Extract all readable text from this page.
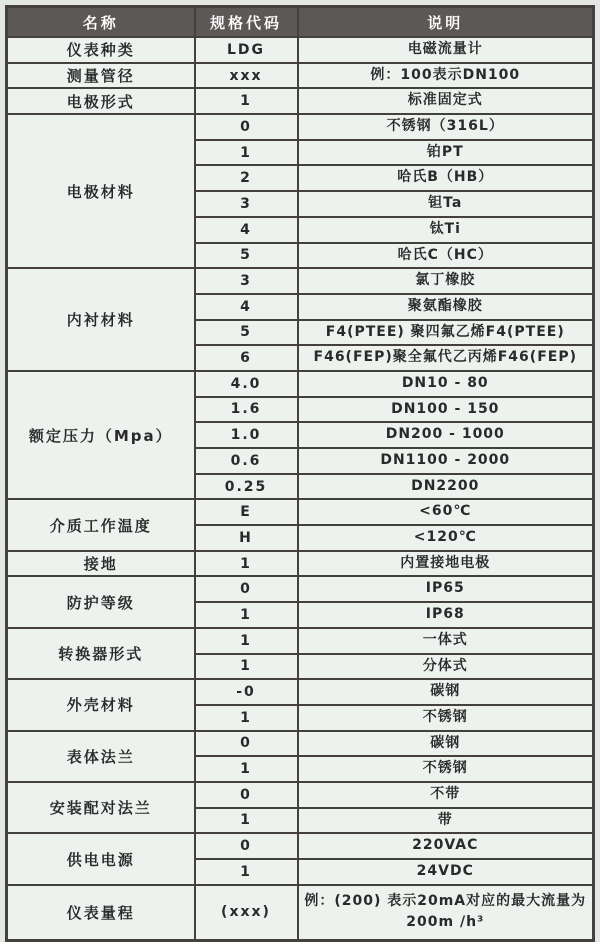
名称	规格代码	说明
仪表种类	LDG	电磁流量计
测量管径	xxx	例：100表示DN100
电极形式	1	标准固定式
电极材料	0	不锈钢（316L）
	1	铂PT
	2	哈氏B（HB）
	3	钽Ta
	4	钛Ti
	5	哈氏C（HC）
内衬材料	3	氯丁橡胶
	4	聚氨酯橡胶
	5	F4(PTEE) 聚四氟乙烯F4(PTEE)
	6	F46(FEP)聚全氟代乙丙烯F46(FEP)
额定压力（Mpa）	4.0	DN10 - 80
	1.6	DN100 - 150
	1.0	DN200 - 1000
	0.6	DN1100 - 2000
	0.25	DN2200
介质工作温度	E	<60℃
	H	<120℃
接地	1	内置接地电极
防护等级	0	IP65
	1	IP68
转换器形式	1	一体式
	1	分体式
外壳材料	-0	碳钢
	1	不锈钢
表体法兰	0	碳钢
	1	不锈钢
安装配对法兰	0	不带
	1	带
供电电源	0	220VAC
	1	24VDC
仪表量程	(xxx)	例：(200) 表示20mA对应的最大流量为200m /h³
